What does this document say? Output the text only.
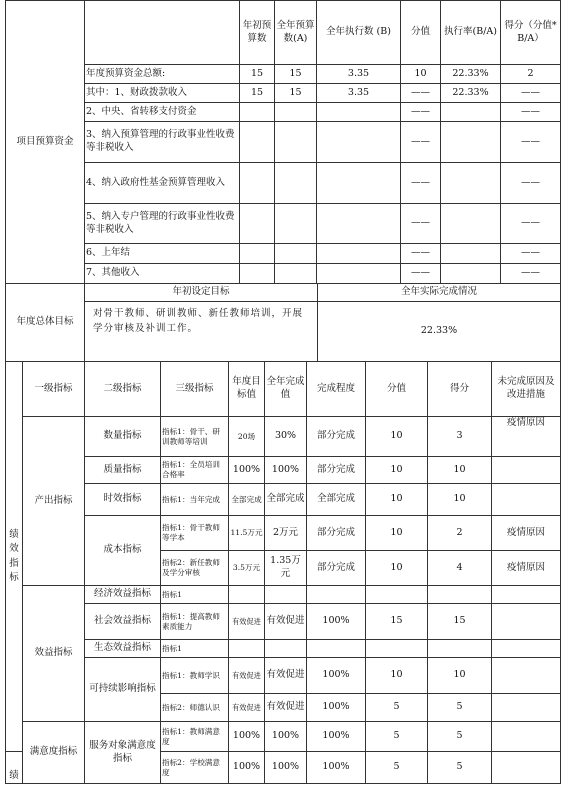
项目预算资金		年初预算数	全年预算数(A)	全年执行数 (B)	分值	执行率(B/A)	得分（分值*B/A）
	年度预算资金总额:	15	15	3.35	10	22.33%	2
	其中：1、财政拨款收入	15	15	3.35	——	22.33%	——
	2、中央、省转移支付资金				——		——
	3、纳入预算管理的行政事业性收费等非税收入				——		——
	4、纳入政府性基金预算管理收入				——		——
	5、纳入专户管理的行政事业性收费等非税收入				——		——
	6、上年结				——		——
	7、其他收入				——		——
年度总体目标	年初设定目标	全年实际完成情况
	对骨干教师、研训教师、新任教师培训，开展学分审核及补训工作。	22.33%
绩效指标	一级指标	二级指标	三级指标	年度目标值	全年完成值	完成程度	分值	得分	未完成原因及改进措施
	产出指标	数量指标	指标1：骨干、研训教师等培训	20场	30%	部分完成	10	3	疫情原因
		质量指标	指标1：全员培训合格率	100%	100%	部分完成	10	10	
		时效指标	指标1：当年完成	全部完成	全部完成	全部完成	10	10	
		成本指标	指标1：骨干教师等学本	11.5万元	2万元	部分完成	10	2	疫情原因
			指标2：新任教师及学分审核	3.5万元	1.35万元	部分完成	10	4	疫情原因
	效益指标	经济效益指标	指标1						
		社会效益指标	指标1：提高教师素质能力	有效促进	有效促进	100%	15	15	
		生态效益指标	指标1						
		可持续影响指标	指标1：教师学识	有效促进	有效促进	100%	10	10	
			指标2：师德认识	有效促进	有效促进	100%	5	5	
	满意度指标	服务对象满意度指标	指标1：教师满意度	100%	100%	100%	5	5	
绩			指标2：学校满意度	100%	100%	100%	5	5	
